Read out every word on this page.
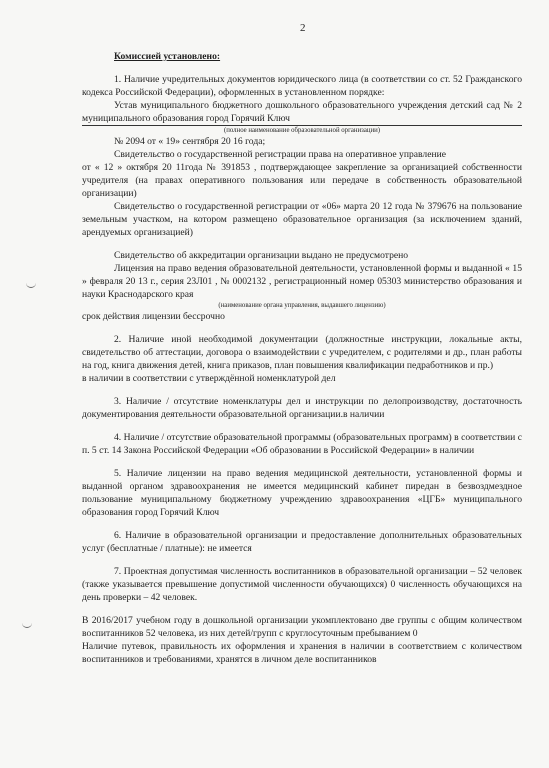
2

Комиссией установлено:

1. Наличие учредительных документов юридического лица (в соответствии со ст. 52 Гражданского кодекса Российской Федерации), оформленных в установленном порядке:

Устав муниципального бюджетного дошкольного образовательного учреждения детский сад № 2 муниципального образования город Горячий Ключ

(полное наименование образовательной организации)

№ 2094 от « 19» сентября 20 16 года;

Свидетельство о государственной регистрации права на оперативное управление

от « 12 » октября 20 11года № 391853 , подтверждающее закрепление за организацией собственности учредителя (на правах оперативного пользования или передаче в собственность образовательной организации)

Свидетельство о государственной регистрации от «06» марта 20 12 года № 379676 на пользование земельным участком, на котором размещено образовательное организация (за исключением зданий, арендуемых организацией)

Свидетельство об аккредитации организации выдано не предусмотрено

Лицензия на право ведения образовательной деятельности, установленной формы и выданной « 15 » февраля 20 13 г., серия 23Л01 , № 0002132 , регистрационный номер 05303 министерство образования и науки Краснодарского края

(наименование органа управления, выдавшего лицензию)

срок действия лицензии бессрочно

2. Наличие иной необходимой документации (должностные инструкции, локальные акты, свидетельство об аттестации, договора о взаимодействии с учредителем, с родителями и др., план работы на год, книга движения детей, книга приказов, план повышения квалификации педработников и пр.)

в наличии в соответствии с утверждённой номенклатурой дел

3. Наличие / отсутствие номенклатуры дел и инструкции по делопроизводству, достаточность документирования деятельности образовательной организации.в наличии

4. Наличие / отсутствие образовательной программы (образовательных программ) в соответствии с п. 5 ст. 14 Закона Российской Федерации «Об образовании в Российской Федерации» в наличии

5. Наличие лицензии на право ведения медицинской деятельности, установленной формы и выданной органом здравоохранения не имеется медицинский кабинет пиредан в безвоздмездное пользование муниципальному бюджетному учреждению здравоохранения «ЦГБ» муниципального образования город Горячий Ключ

6. Наличие в образовательной организации и предоставление дополнительных образовательных услуг (бесплатные / платные): не имеется

7. Проектная допустимая численность воспитанников в образовательной организации – 52 человек (также указывается превышение допустимой численности обучающихся) 0 численность обучающихся на день проверки – 42 человек.

В 2016/2017 учебном году в дошкольной организации укомплектовано две группы с общим количеством воспитанников 52 человека, из них детей/групп с круглосуточным пребыванием 0

Наличие путевок, правильность их оформления и хранения в наличии в соответствием с количеством воспитанников и требованиями, хранятся в личном деле воспитанников
